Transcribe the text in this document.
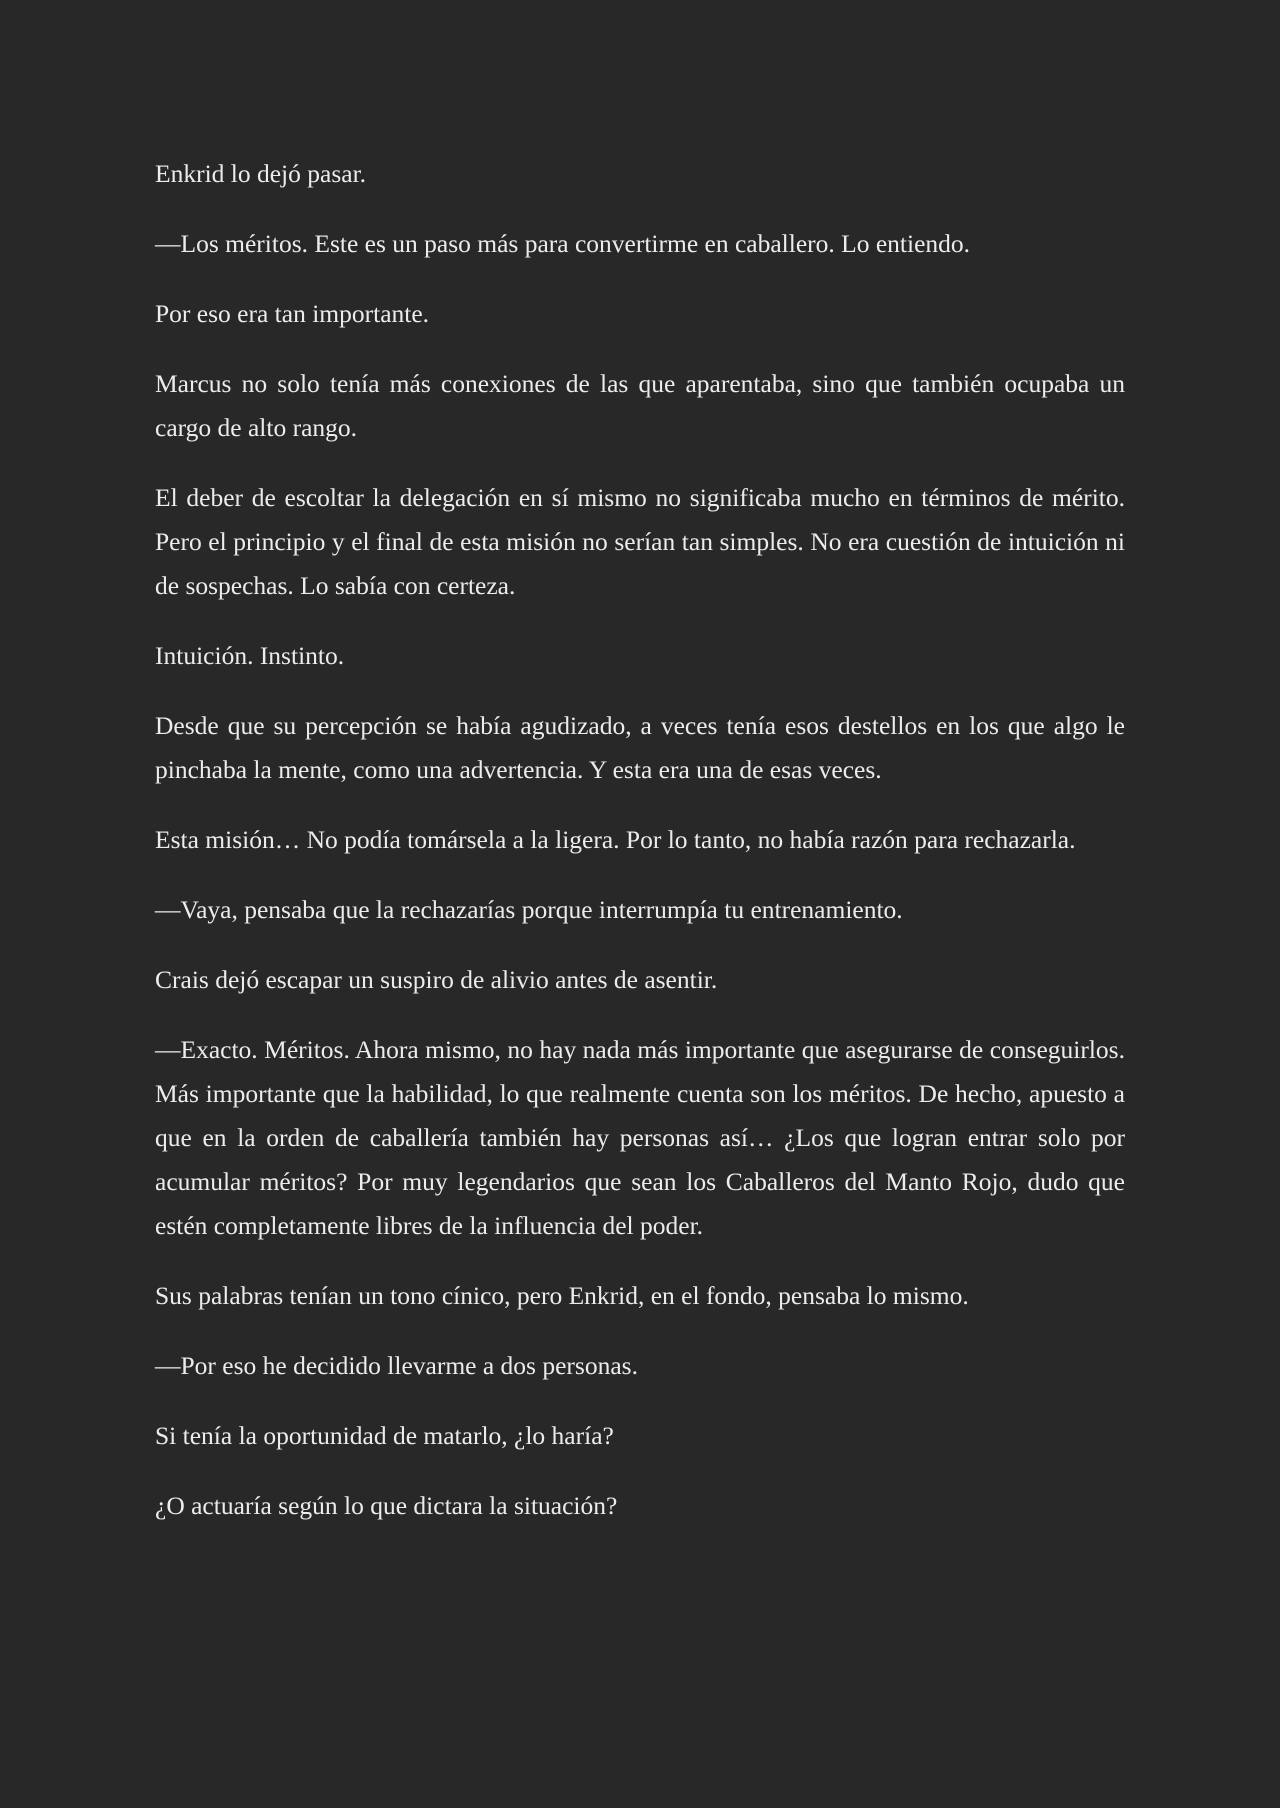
Enkrid lo dejó pasar.

—Los méritos. Este es un paso más para convertirme en caballero. Lo entiendo.

Por eso era tan importante.

Marcus no solo tenía más conexiones de las que aparentaba, sino que también ocupaba un cargo de alto rango.

El deber de escoltar la delegación en sí mismo no significaba mucho en términos de mérito. Pero el principio y el final de esta misión no serían tan simples. No era cuestión de intuición ni de sospechas. Lo sabía con certeza.

Intuición. Instinto.

Desde que su percepción se había agudizado, a veces tenía esos destellos en los que algo le pinchaba la mente, como una advertencia. Y esta era una de esas veces.

Esta misión… No podía tomársela a la ligera. Por lo tanto, no había razón para rechazarla.

—Vaya, pensaba que la rechazarías porque interrumpía tu entrenamiento.

Crais dejó escapar un suspiro de alivio antes de asentir.

—Exacto. Méritos. Ahora mismo, no hay nada más importante que asegurarse de conseguirlos. Más importante que la habilidad, lo que realmente cuenta son los méritos. De hecho, apuesto a que en la orden de caballería también hay personas así… ¿Los que logran entrar solo por acumular méritos? Por muy legendarios que sean los Caballeros del Manto Rojo, dudo que estén completamente libres de la influencia del poder.

Sus palabras tenían un tono cínico, pero Enkrid, en el fondo, pensaba lo mismo.

—Por eso he decidido llevarme a dos personas.

Si tenía la oportunidad de matarlo, ¿lo haría?

¿O actuaría según lo que dictara la situación?
